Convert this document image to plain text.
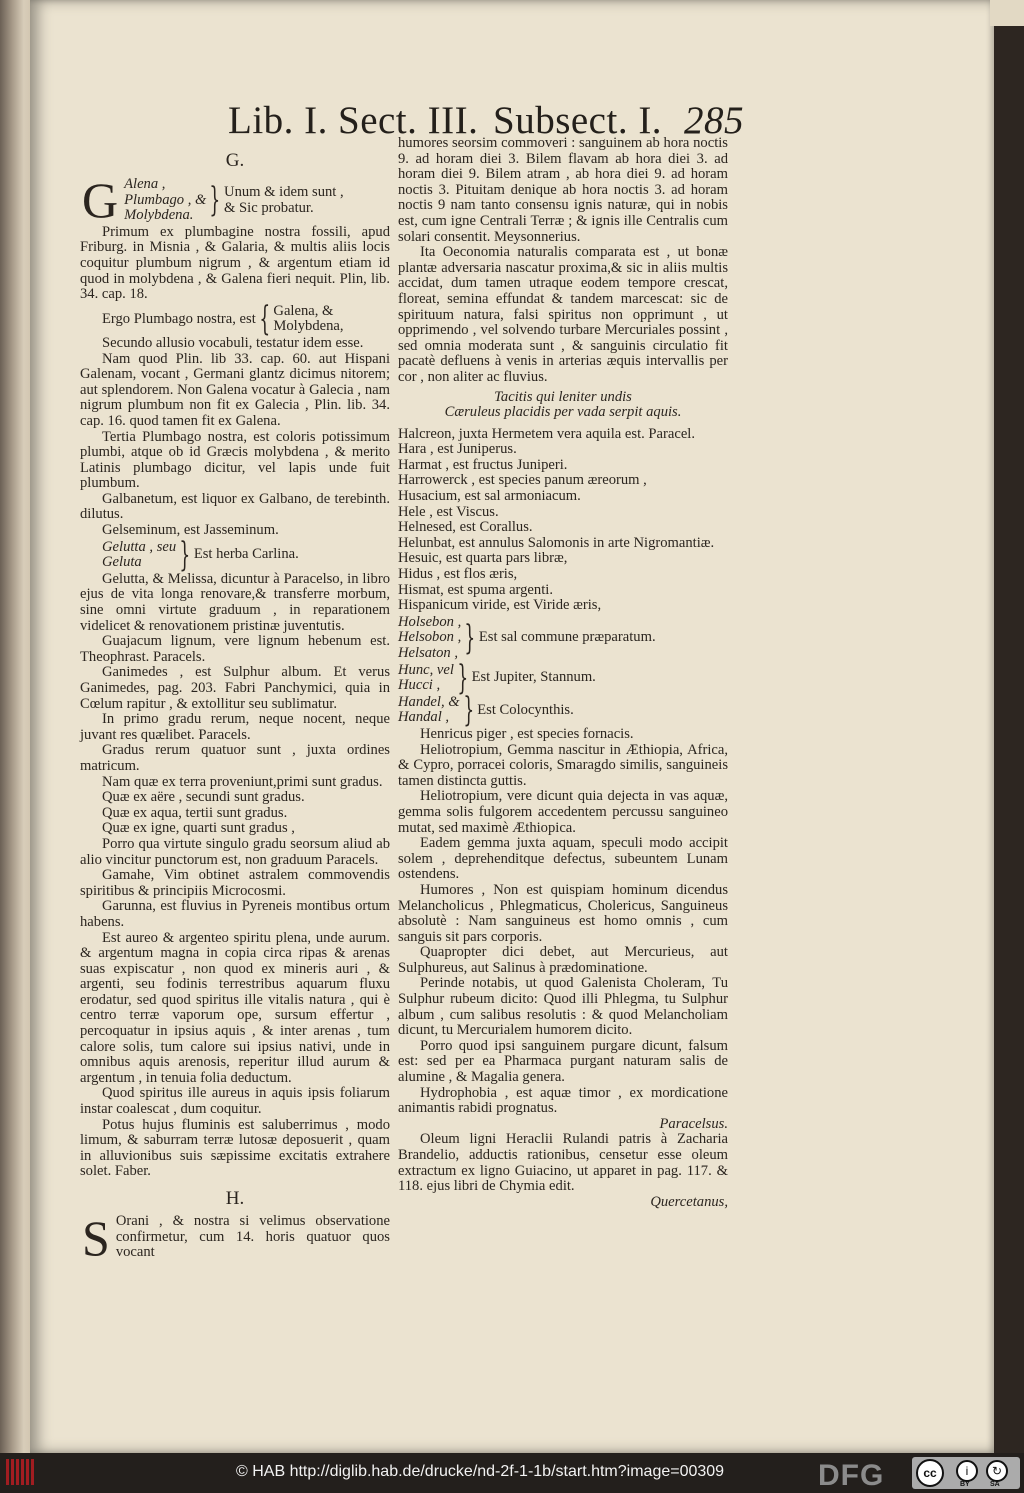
Lib. I. Sect. III. Subsect. I. 285
G.
G Alena ,
Plumbago , &
Molybdena. } Unum & idem sunt , & Sic probatur.

Primum ex plumbagine nostra fossili, apud Friburg. in Misnia , & Galaria, & multis aliis locis coquitur plumbum nigrum , & argentum etiam id quod in molybdena , & Galena fieri nequit. Plin, lib. 34. cap. 18.

Ergo Plumbago nostra, est { Galena, &
Molybdena,

Secundo allusio vocabuli, testatur idem esse.

Nam quod Plin. lib 33. cap. 60. aut Hispani Galenam, vocant , Germani glantz dicimus nitorem; aut splendorem. Non Galena vocatur à Galecia , nam nigrum plumbum non fit ex Galecia , Plin. lib. 34. cap. 16. quod tamen fit ex Galena.

Tertia Plumbago nostra, est coloris potissimum plumbi, atque ob id Græcis molybdena , & merito Latinis plumbago dicitur, vel lapis unde fuit plumbum.

Galbanetum, est liquor ex Galbano, de terebinth. dilutus.

Gelseminum, est Jasseminum.

Gelutta , seu
Geluta	} Est herba Carlina.

Gelutta, & Melissa, dicuntur à Paracelso, in libro ejus de vita longa renovare,& transferre morbum, sine omni virtute graduum , in reparationem videlicet & renovationem pristinæ juventutis.

Guajacum lignum, vere lignum hebenum est. Theophrast. Paracels.

Ganimedes , est Sulphur album. Et verus Ganimedes, pag. 203. Fabri Panchymici, quia in Cœlum rapitur , & extollitur seu sublimatur.

In primo gradu rerum, neque nocent, neque juvant res quælibet. Paracels.

Gradus rerum quatuor sunt , juxta ordines matricum.

Nam quæ ex terra proveniunt,primi sunt gradus.

Quæ ex aëre , secundi sunt gradus.

Quæ ex aqua, tertii sunt gradus.

Quæ ex igne, quarti sunt gradus ,

Porro qua virtute singulo gradu seorsum aliud ab alio vincitur punctorum est, non graduum Paracels.

Gamahe, Vim obtinet astralem commovendis spiritibus & principiis Microcosmi.

Garunna, est fluvius in Pyreneis montibus ortum habens.

Est aureo & argenteo spiritu plena, unde aurum. & argentum magna in copia circa ripas & arenas suas expiscatur , non quod ex mineris auri , & argenti, seu fodinis terrestribus aquarum fluxu erodatur, sed quod spiritus ille vitalis natura , qui è centro terræ vaporum ope, sursum effertur , percoquatur in ipsius aquis , & inter arenas , tum calore solis, tum calore sui ipsius nativi, unde in omnibus aquis arenosis, reperitur illud aurum & argentum , in tenuia folia deductum.

Quod spiritus ille aureus in aquis ipsis foliarum instar coalescat , dum coquitur.

Potus hujus fluminis est saluberrimus , modo limum, & saburram terræ lutosæ deposuerit , quam in alluvionibus suis sæpissime excitatis extrahere solet. Faber.

H.
S Orani , & nostra si velimus observatione confirmetur, cum 14. horis quatuor quos vocant

humores seorsim commoveri : sanguinem ab hora noctis 9. ad horam diei 3. Bilem flavam ab hora diei 3. ad horam diei 9. Bilem atram , ab hora diei 9. ad horam noctis 3. Pituitam denique ab hora noctis 3. ad horam noctis 9 nam tanto consensu ignis naturæ, qui in nobis est, cum igne Centrali Terræ ; & ignis ille Centralis cum solari consentit. Meysonnerius.

Ita Oeconomia naturalis comparata est , ut bonæ plantæ adversaria nascatur proxima,& sic in aliis multis accidat, dum tamen utraque eodem tempore crescat, floreat, semina effundat & tandem marcescat: sic de spirituum natura, falsi spiritus non opprimunt , ut opprimendo , vel solvendo turbare Mercuriales possint , sed omnia moderata sunt , & sanguinis circulatio fit pacatè defluens à venis in arterias æquis intervallis per cor , non aliter ac fluvius.

Tacitis qui leniter undis

Cæruleus placidis per vada serpit aquis.

Halcreon, juxta Hermetem vera aquila est. Paracel.

Hara , est Juniperus.

Harmat , est fructus Juniperi.

Harrowerck , est species panum æreorum ,

Husacium, est sal armoniacum.

Hele , est Viscus.

Helnesed, est Corallus.

Helunbat, est annulus Salomonis in arte Nigromantiæ.

Hesuic, est quarta pars libræ,

Hidus , est flos æris,

Hismat, est spuma argenti.

Hispanicum viride, est Viride æris,

Holsebon ,
Helsobon ,
Helsaton , } Est sal commune præparatum.
Hunc, vel
Hucci , } Est Jupiter, Stannum.
Handel, &
Handal , } Est Colocynthis.

Henricus piger , est species fornacis.

Heliotropium, Gemma nascitur in Æthiopia, Africa, & Cypro, porracei coloris, Smaragdo similis, sanguineis tamen distincta guttis.

Heliotropium, vere dicunt quia dejecta in vas aquæ, gemma solis fulgorem accedentem percussu sanguineo mutat, sed maximè Æthiopica.

Eadem gemma juxta aquam, speculi modo accipit solem , deprehenditque defectus, subeuntem Lunam ostendens.

Humores , Non est quispiam hominum dicendus Melancholicus , Phlegmaticus, Cholericus, Sanguineus absolutè : Nam sanguineus est homo omnis , cum sanguis sit pars corporis.

Quapropter dici debet, aut Mercurieus, aut Sulphureus, aut Salinus à prædominatione.

Perinde notabis, ut quod Galenista Choleram, Tu Sulphur rubeum dicito: Quod illi Phlegma, tu Sulphur album , cum salibus resolutis : & quod Melancholiam dicunt, tu Mercurialem humorem dicito.

Porro quod ipsi sanguinem purgare dicunt, falsum est: sed per ea Pharmaca purgant naturam salis de alumine , & Magalia genera.

Hydrophobia , est aquæ timor , ex mordicatione animantis rabidi prognatus.

Paracelsus.

Oleum ligni Heraclii Rulandi patris à Zacharia Brandelio, adductis rationibus, censetur esse oleum extractum ex ligno Guiacino, ut apparet in pag. 117. & 118. ejus libri de Chymia edit.

Quercetanus,

© HAB http://diglib.hab.de/drucke/nd-2f-1-1b/start.htm?image=00309	DFG	cc	i	↻
BY	SA
